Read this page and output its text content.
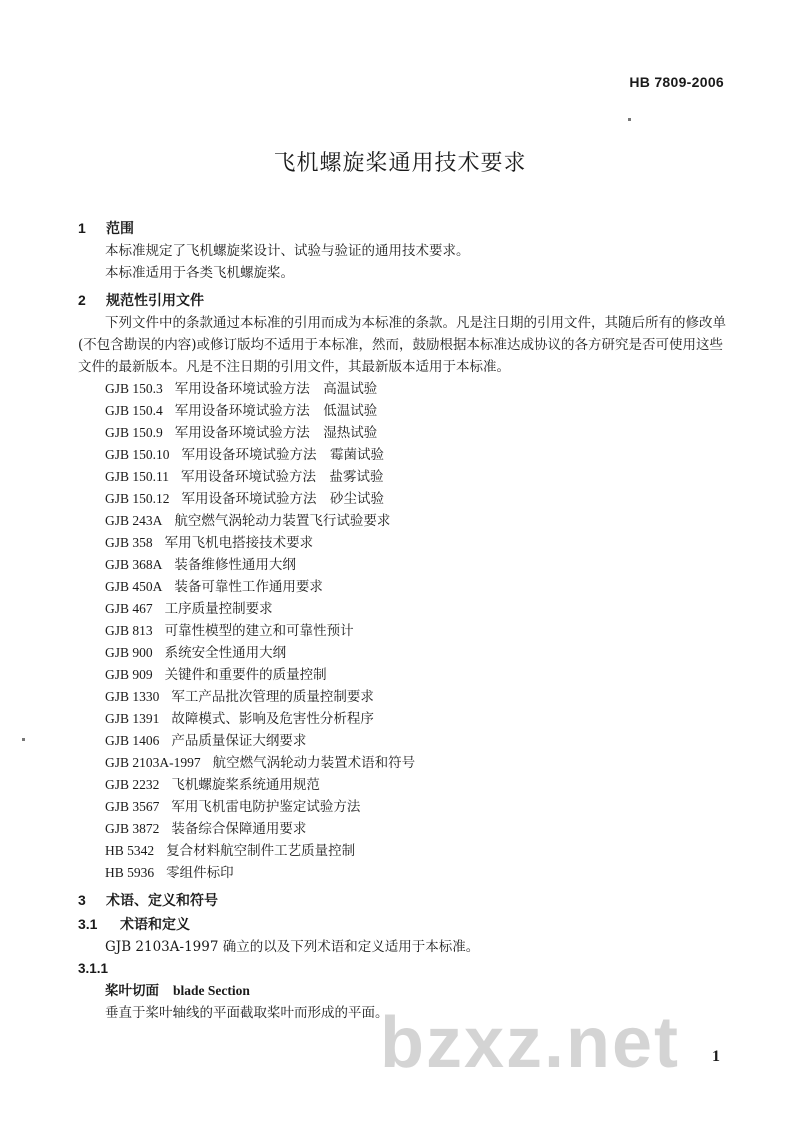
HB 7809-2006
飞机螺旋桨通用技术要求
1 范围

本标准规定了飞机螺旋桨设计、试验与验证的通用技术要求。

本标准适用于各类飞机螺旋桨。

2 规范性引用文件

下列文件中的条款通过本标准的引用而成为本标准的条款。凡是注日期的引用文件，其随后所有的修改单(不包含勘误的内容)或修订版均不适用于本标准，然而，鼓励根据本标准达成协议的各方研究是否可使用这些文件的最新版本。凡是不注日期的引用文件，其最新版本适用于本标准。

GJB 150.3 军用设备环境试验方法　高温试验
GJB 150.4 军用设备环境试验方法　低温试验
GJB 150.9 军用设备环境试验方法　湿热试验
GJB 150.10 军用设备环境试验方法　霉菌试验
GJB 150.11 军用设备环境试验方法　盐雾试验
GJB 150.12 军用设备环境试验方法　砂尘试验
GJB 243A 航空燃气涡轮动力装置飞行试验要求
GJB 358 军用飞机电搭接技术要求
GJB 368A 装备维修性通用大纲
GJB 450A 装备可靠性工作通用要求
GJB 467 工序质量控制要求
GJB 813 可靠性模型的建立和可靠性预计
GJB 900 系统安全性通用大纲
GJB 909 关键件和重要件的质量控制
GJB 1330 军工产品批次管理的质量控制要求
GJB 1391 故障模式、影响及危害性分析程序
GJB 1406 产品质量保证大纲要求
GJB 2103A-1997 航空燃气涡轮动力装置术语和符号
GJB 2232 飞机螺旋桨系统通用规范
GJB 3567 军用飞机雷电防护鉴定试验方法
GJB 3872 装备综合保障通用要求
HB 5342 复合材料航空制件工艺质量控制
HB 5936 零组件标印
3 术语、定义和符号
3.1 术语和定义

GJB 2103A-1997 确立的以及下列术语和定义适用于本标准。

3.1.1
桨叶切面 blade Section

垂直于桨叶轴线的平面截取桨叶而形成的平面。

bzxz.net 1
